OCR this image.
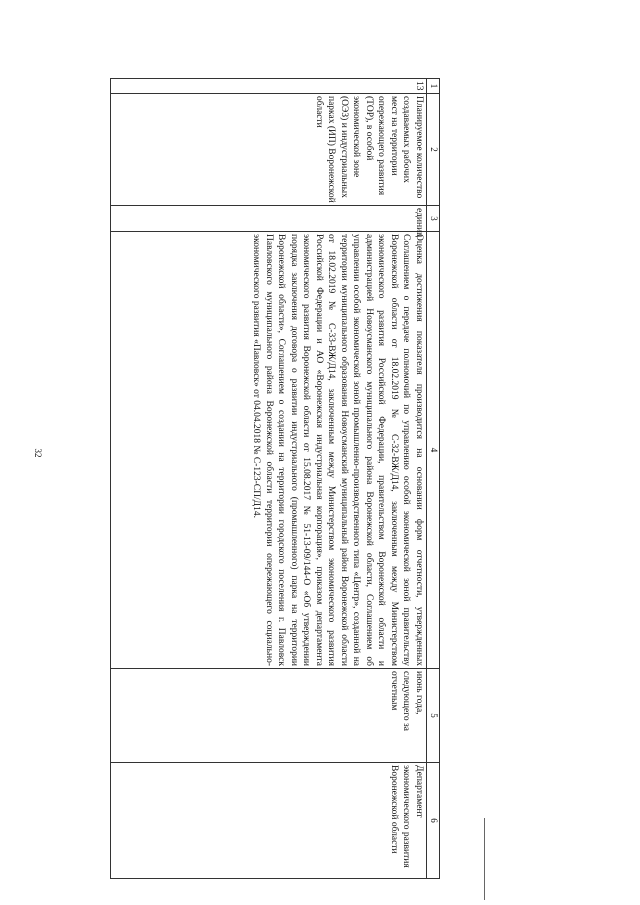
32
1	2	3	4	5	6
13	Планируемое количество создаваемых рабочих мест на территории опережающего развития (ТОР), в особой экономической зоне (ОЭЗ) и индустриальных парках (ИП) Воронежской области	единиц	Оценка достижения показателя производится на основании форм отчетности, утвержденных Соглашением о передаче полномочий по управлению особой экономической зоной правительству Воронежской области от 18.02.2019 № С-32-ВЖ/Д14, заключенным между Министерством экономического развития Российской Федерации, правительством Воронежской области и администрацией Новоусманского муниципального района Воронежской области, Соглашением об управлении особой экономической зоной промышленно-производственного типа «Центр», созданной на территории муниципального образования Новоусманский муниципальный район Воронежской области от 18.02.2019 № С-33-ВЖ/Д14, заключенным между Министерством экономического развития Российской Федерации и АО «Воронежская индустриальная корпорация», приказом департамента экономического развития Воронежской области от 15.08.2017 № 51-13-09/144-О «Об утверждении порядка заключения договора о развитии индустриального (промышленного) парка на территории Воронежской области», Соглашением о создании на территории городского поселения г. Павловск Павловского муниципального района Воронежской области территории опережающего социально-экономического развития «Павловск» от 04.04.2018 № С-123-СП/Д14.	июнь года, следующего за отчетным	Департамент экономического развития Воронежской области
